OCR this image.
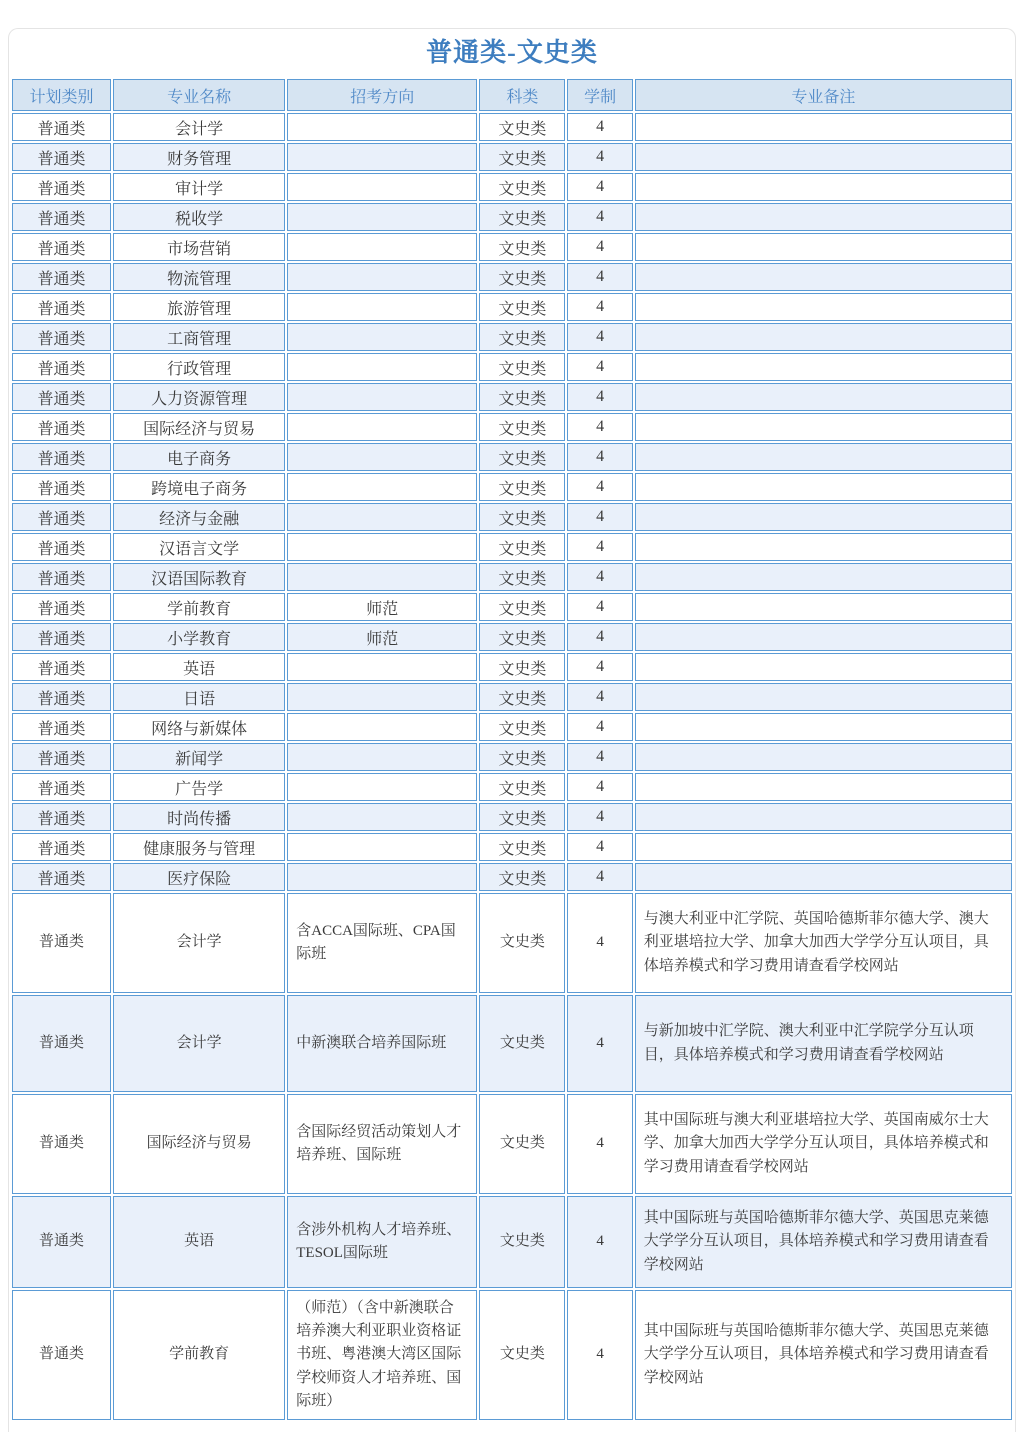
普通类-文史类
计划类别	专业名称	招考方向	科类	学制	专业备注
普通类	会计学		文史类	4	
普通类	财务管理		文史类	4	
普通类	审计学		文史类	4	
普通类	税收学		文史类	4	
普通类	市场营销		文史类	4	
普通类	物流管理		文史类	4	
普通类	旅游管理		文史类	4	
普通类	工商管理		文史类	4	
普通类	行政管理		文史类	4	
普通类	人力资源管理		文史类	4	
普通类	国际经济与贸易		文史类	4	
普通类	电子商务		文史类	4	
普通类	跨境电子商务		文史类	4	
普通类	经济与金融		文史类	4	
普通类	汉语言文学		文史类	4	
普通类	汉语国际教育		文史类	4	
普通类	学前教育	师范	文史类	4	
普通类	小学教育	师范	文史类	4	
普通类	英语		文史类	4	
普通类	日语		文史类	4	
普通类	网络与新媒体		文史类	4	
普通类	新闻学		文史类	4	
普通类	广告学		文史类	4	
普通类	时尚传播		文史类	4	
普通类	健康服务与管理		文史类	4	
普通类	医疗保险		文史类	4	
普通类	会计学	含ACCA国际班、CPA国际班	文史类	4	与澳大利亚中汇学院、英国哈德斯菲尔德大学、澳大利亚堪培拉大学、加拿大加西大学学分互认项目，具体培养模式和学习费用请查看学校网站
普通类	会计学	中新澳联合培养国际班	文史类	4	与新加坡中汇学院、澳大利亚中汇学院学分互认项目，具体培养模式和学习费用请查看学校网站
普通类	国际经济与贸易	含国际经贸活动策划人才培养班、国际班	文史类	4	其中国际班与澳大利亚堪培拉大学、英国南威尔士大学、加拿大加西大学学分互认项目，具体培养模式和学习费用请查看学校网站
普通类	英语	含涉外机构人才培养班、TESOL国际班	文史类	4	其中国际班与英国哈德斯菲尔德大学、英国思克莱德大学学分互认项目，具体培养模式和学习费用请查看学校网站
普通类	学前教育	（师范）（含中新澳联合培养澳大利亚职业资格证书班、粤港澳大湾区国际学校师资人才培养班、国际班）	文史类	4	其中国际班与英国哈德斯菲尔德大学、英国思克莱德大学学分互认项目，具体培养模式和学习费用请查看学校网站
